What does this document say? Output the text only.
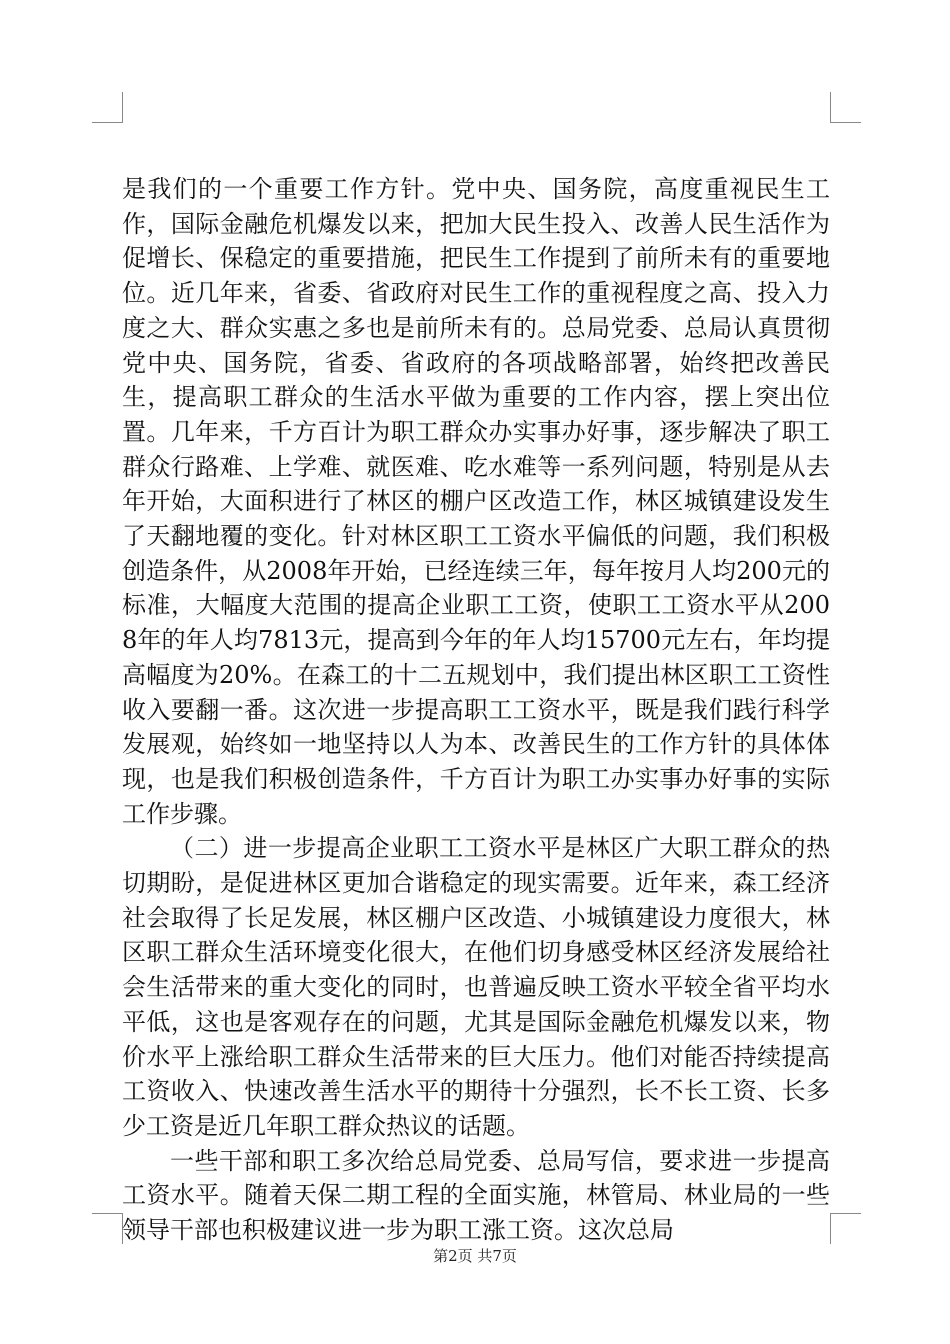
是我们的一个重要工作方针。党中央、国务院，高度重视民生工作，国际金融危机爆发以来，把加大民生投入、改善人民生活作为促增长、保稳定的重要措施，把民生工作提到了前所未有的重要地位。近几年来，省委、省政府对民生工作的重视程度之高、投入力度之大、群众实惠之多也是前所未有的。总局党委、总局认真贯彻党中央、国务院，省委、省政府的各项战略部署，始终把改善民生，提高职工群众的生活水平做为重要的工作内容，摆上突出位置。几年来，千方百计为职工群众办实事办好事，逐步解决了职工群众行路难、上学难、就医难、吃水难等一系列问题，特别是从去年开始，大面积进行了林区的棚户区改造工作，林区城镇建设发生了天翻地覆的变化。针对林区职工工资水平偏低的问题，我们积极创造条件，从2008年开始，已经连续三年，每年按月人均200元的标准，大幅度大范围的提高企业职工工资，使职工工资水平从2008年的年人均7813元，提高到今年的年人均15700元左右，年均提高幅度为20%。在森工的十二五规划中，我们提出林区职工工资性收入要翻一番。这次进一步提高职工工资水平，既是我们践行科学发展观，始终如一地坚持以人为本、改善民生的工作方针的具体体现，也是我们积极创造条件，千方百计为职工办实事办好事的实际工作步骤。

（二）进一步提高企业职工工资水平是林区广大职工群众的热切期盼，是促进林区更加合谐稳定的现实需要。近年来，森工经济社会取得了长足发展，林区棚户区改造、小城镇建设力度很大，林区职工群众生活环境变化很大，在他们切身感受林区经济发展给社会生活带来的重大变化的同时，也普遍反映工资水平较全省平均水平低，这也是客观存在的问题，尤其是国际金融危机爆发以来，物价水平上涨给职工群众生活带来的巨大压力。他们对能否持续提高工资收入、快速改善生活水平的期待十分强烈，长不长工资、长多少工资是近几年职工群众热议的话题。

一些干部和职工多次给总局党委、总局写信，要求进一步提高工资水平。随着天保二期工程的全面实施，林管局、林业局的一些领导干部也积极建议进一步为职工涨工资。这次总局

第2页 共7页
